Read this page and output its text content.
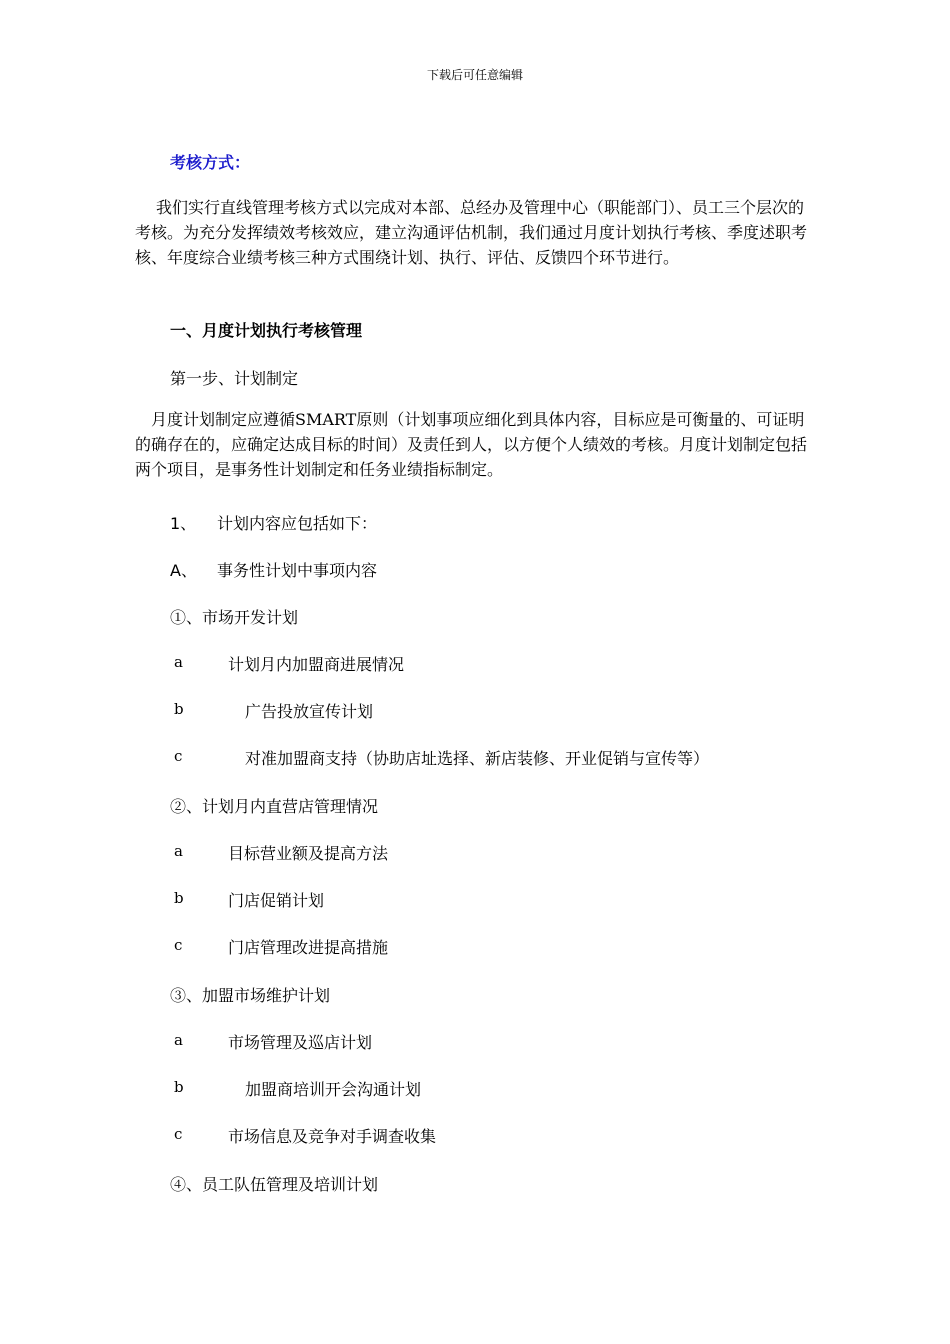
下载后可任意编辑
考核方式：
我们实行直线管理考核方式以完成对本部、总经办及管理中心（职能部门）、员工三个层次的考核。为充分发挥绩效考核效应，建立沟通评估机制，我们通过月度计划执行考核、季度述职考核、年度综合业绩考核三种方式围绕计划、执行、评估、反馈四个环节进行。
一、月度计划执行考核管理
第一步、计划制定
月度计划制定应遵循SMART原则（计划事项应细化到具体内容，目标应是可衡量的、可证明的确存在的，应确定达成目标的时间）及责任到人，以方便个人绩效的考核。月度计划制定包括两个项目，是事务性计划制定和任务业绩指标制定。
1、 计划内容应包括如下：
A、 事务性计划中事项内容
①、市场开发计划
a	计划月内加盟商进展情况
b	广告投放宣传计划
c	对准加盟商支持（协助店址选择、新店装修、开业促销与宣传等）
②、计划月内直营店管理情况
a	目标营业额及提高方法
b	门店促销计划
c	门店管理改进提高措施
③、加盟市场维护计划
a	市场管理及巡店计划
b	加盟商培训开会沟通计划
c	市场信息及竞争对手调查收集
④、员工队伍管理及培训计划
